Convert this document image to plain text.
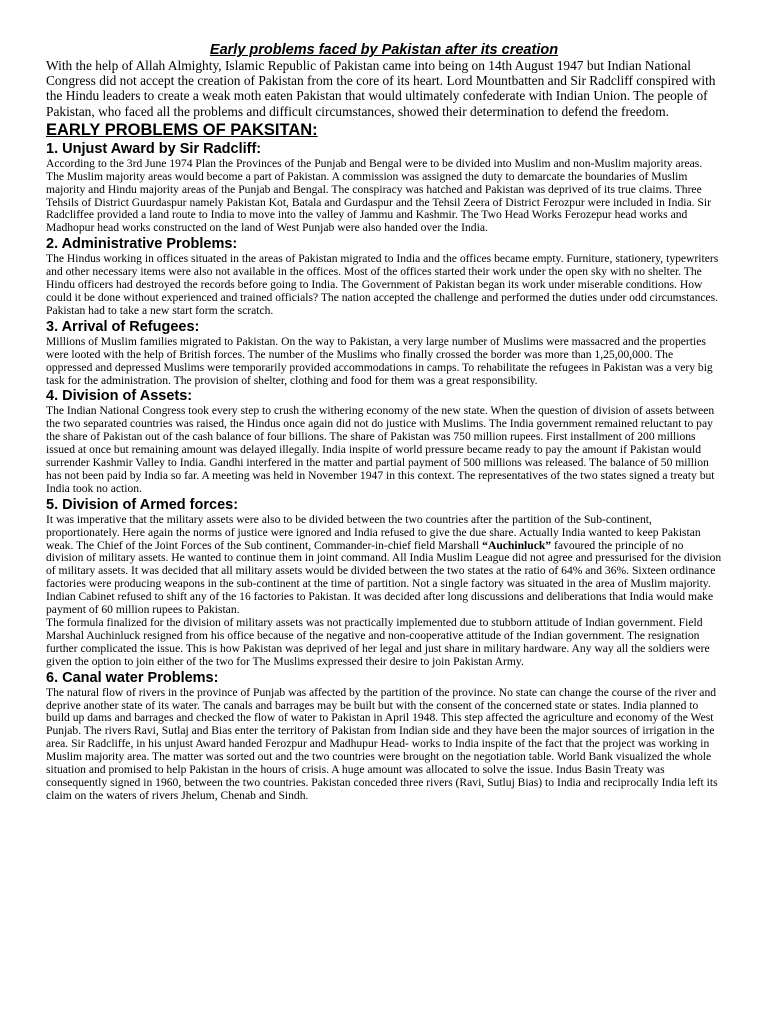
Early problems faced by Pakistan after its creation

With the help of Allah Almighty, Islamic Republic of Pakistan came into being on 14th August 1947 but Indian National Congress did not accept the creation of Pakistan from the core of its heart. Lord Mountbatten and Sir Radcliff conspired with the Hindu leaders to create a weak moth eaten Pakistan that would ultimately confederate with Indian Union. The people of Pakistan, who faced all the problems and difficult circumstances, showed their determination to defend the freedom.

EARLY PROBLEMS OF PAKSITAN:
1. Unjust Award by Sir Radcliff:

According to the 3rd June 1974 Plan the Provinces of the Punjab and Bengal were to be divided into Muslim and non-Muslim majority areas. The Muslim majority areas would become a part of Pakistan. A commission was assigned the duty to demarcate the boundaries of Muslim majority and Hindu majority areas of the Punjab and Bengal. The conspiracy was hatched and Pakistan was deprived of its true claims. Three Tehsils of District Guurdaspur namely Pakistan Kot, Batala and Gurdaspur and the Tehsil Zeera of District Ferozpur were included in India. Sir Radcliffee provided a land route to India to move into the valley of Jammu and Kashmir. The Two Head Works Ferozepur head works and Madhopur head works constructed on the land of West Punjab were also handed over the India.

2. Administrative Problems:

The Hindus working in offices situated in the areas of Pakistan migrated to India and the offices became empty. Furniture, stationery, typewriters and other necessary items were also not available in the offices. Most of the offices started their work under the open sky with no shelter. The Hindu officers had destroyed the records before going to India. The Government of Pakistan began its work under miserable conditions. How could it be done without experienced and trained officials? The nation accepted the challenge and performed the duties under odd circumstances. Pakistan had to take a new start form the scratch.

3. Arrival of Refugees:

Millions of Muslim families migrated to Pakistan. On the way to Pakistan, a very large number of Muslims were massacred and the properties were looted with the help of British forces. The number of the Muslims who finally crossed the border was more than 1,25,00,000. The oppressed and depressed Muslims were temporarily provided accommodations in camps. To rehabilitate the refugees in Pakistan was a very big task for the administration. The provision of shelter, clothing and food for them was a great responsibility.

4. Division of Assets:

The Indian National Congress took every step to crush the withering economy of the new state. When the question of division of assets between the two separated countries was raised, the Hindus once again did not do justice with Muslims. The India government remained reluctant to pay the share of Pakistan out of the cash balance of four billions. The share of Pakistan was 750 million rupees. First installment of 200 millions issued at once but remaining amount was delayed illegally. India inspite of world pressure became ready to pay the amount if Pakistan would surrender Kashmir Valley to India. Gandhi interfered in the matter and partial payment of 500 millions was released. The balance of 50 million has not been paid by India so far. A meeting was held in November 1947 in this context. The representatives of the two states signed a treaty but India took no action.

5. Division of Armed forces:

It was imperative that the military assets were also to be divided between the two countries after the partition of the Sub-continent, proportionately. Here again the norms of justice were ignored and India refused to give the due share. Actually India wanted to keep Pakistan weak. The Chief of the Joint Forces of the Sub continent, Commander-in-chief field Marshall “Auchinluck” favoured the principle of no division of military assets. He wanted to continue them in joint command. All India Muslim League did not agree and pressurised for the division of military assets. It was decided that all military assets would be divided between the two states at the ratio of 64% and 36%. Sixteen ordinance factories were producing weapons in the sub-continent at the time of partition. Not a single factory was situated in the area of Muslim majority. Indian Cabinet refused to shift any of the 16 factories to Pakistan. It was decided after long discussions and deliberations that India would make payment of 60 million rupees to Pakistan.

The formula finalized for the division of military assets was not practically implemented due to stubborn attitude of Indian government. Field Marshal Auchinluck resigned from his office because of the negative and non-cooperative attitude of the Indian government. The resignation further complicated the issue. This is how Pakistan was deprived of her legal and just share in military hardware. Any way all the soldiers were given the option to join either of the two for The Muslims expressed their desire to join Pakistan Army.

6. Canal water Problems:

The natural flow of rivers in the province of Punjab was affected by the partition of the province. No state can change the course of the river and deprive another state of its water. The canals and barrages may be built but with the consent of the concerned state or states. India planned to build up dams and barrages and checked the flow of water to Pakistan in April 1948. This step affected the agriculture and economy of the West Punjab. The rivers Ravi, Sutlaj and Bias enter the territory of Pakistan from Indian side and they have been the major sources of irrigation in the area. Sir Radcliffe, in his unjust Award handed Ferozpur and Madhupur Head- works to India inspite of the fact that the project was working in Muslim majority area. The matter was sorted out and the two countries were brought on the negotiation table. World Bank visualized the whole situation and promised to help Pakistan in the hours of crisis. A huge amount was allocated to solve the issue. Indus Basin Treaty was consequently signed in 1960, between the two countries. Pakistan conceded three rivers (Ravi, Sutluj Bias) to India and reciprocally India left its claim on the waters of rivers Jhelum, Chenab and Sindh.
